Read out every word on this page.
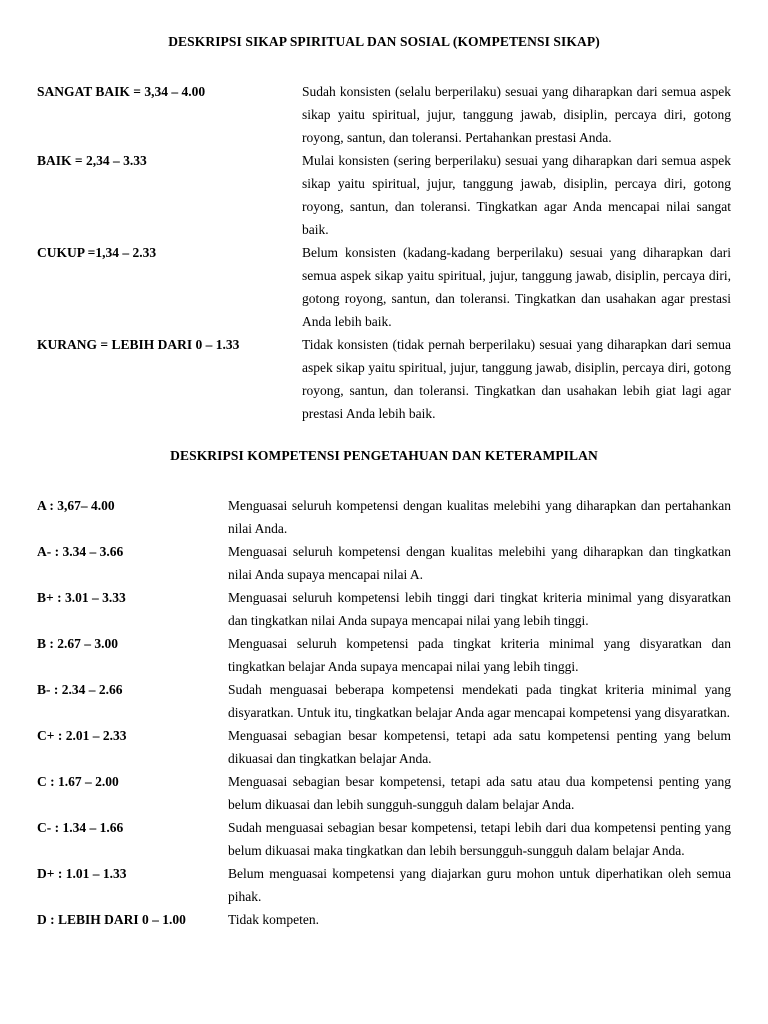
DESKRIPSI SIKAP SPIRITUAL DAN SOSIAL (KOMPETENSI SIKAP)
SANGAT BAIK = 3,34 – 4.00	Sudah konsisten (selalu berperilaku) sesuai yang diharapkan dari semua aspek sikap yaitu spiritual, jujur, tanggung jawab, disiplin, percaya diri, gotong royong, santun, dan toleransi. Pertahankan prestasi Anda.
BAIK = 2,34 – 3.33	Mulai konsisten (sering berperilaku) sesuai yang diharapkan dari semua aspek sikap yaitu spiritual, jujur, tanggung jawab, disiplin, percaya diri, gotong royong, santun, dan toleransi. Tingkatkan agar Anda mencapai nilai sangat baik.
CUKUP =1,34 – 2.33	Belum konsisten (kadang-kadang berperilaku) sesuai yang diharapkan dari semua aspek sikap yaitu spiritual, jujur, tanggung jawab, disiplin, percaya diri, gotong royong, santun, dan toleransi. Tingkatkan dan usahakan agar prestasi Anda lebih baik.
KURANG = LEBIH DARI 0 – 1.33	Tidak konsisten (tidak pernah berperilaku) sesuai yang diharapkan dari semua aspek sikap yaitu spiritual, jujur, tanggung jawab, disiplin, percaya diri, gotong royong, santun, dan toleransi. Tingkatkan dan usahakan lebih giat lagi agar prestasi Anda lebih baik.
DESKRIPSI KOMPETENSI PENGETAHUAN DAN KETERAMPILAN
A : 3,67– 4.00	Menguasai seluruh kompetensi dengan kualitas melebihi yang diharapkan dan pertahankan nilai Anda.
A- : 3.34 – 3.66	Menguasai seluruh kompetensi dengan kualitas melebihi yang diharapkan dan tingkatkan nilai Anda supaya mencapai nilai A.
B+ : 3.01 – 3.33	Menguasai seluruh kompetensi lebih tinggi dari tingkat kriteria minimal yang disyaratkan dan tingkatkan nilai Anda supaya mencapai nilai yang lebih tinggi.
B : 2.67 – 3.00	Menguasai seluruh kompetensi pada tingkat kriteria minimal yang disyaratkan dan tingkatkan belajar Anda supaya mencapai nilai yang lebih tinggi.
B- : 2.34 – 2.66	Sudah menguasai beberapa kompetensi mendekati pada tingkat kriteria minimal yang disyaratkan. Untuk itu, tingkatkan belajar Anda agar mencapai kompetensi yang disyaratkan.
C+ : 2.01 – 2.33	Menguasai sebagian besar kompetensi, tetapi ada satu kompetensi penting yang belum dikuasai dan tingkatkan belajar Anda.
C : 1.67 – 2.00	Menguasai sebagian besar kompetensi, tetapi ada satu atau dua kompetensi penting yang belum dikuasai dan lebih sungguh-sungguh dalam belajar Anda.
C- : 1.34 – 1.66	Sudah menguasai sebagian besar kompetensi, tetapi lebih dari dua kompetensi penting yang belum dikuasai maka tingkatkan dan lebih bersungguh-sungguh dalam belajar Anda.
D+ : 1.01 – 1.33	Belum menguasai kompetensi yang diajarkan guru mohon untuk diperhatikan oleh semua pihak.
D : LEBIH DARI 0 – 1.00	Tidak kompeten.
